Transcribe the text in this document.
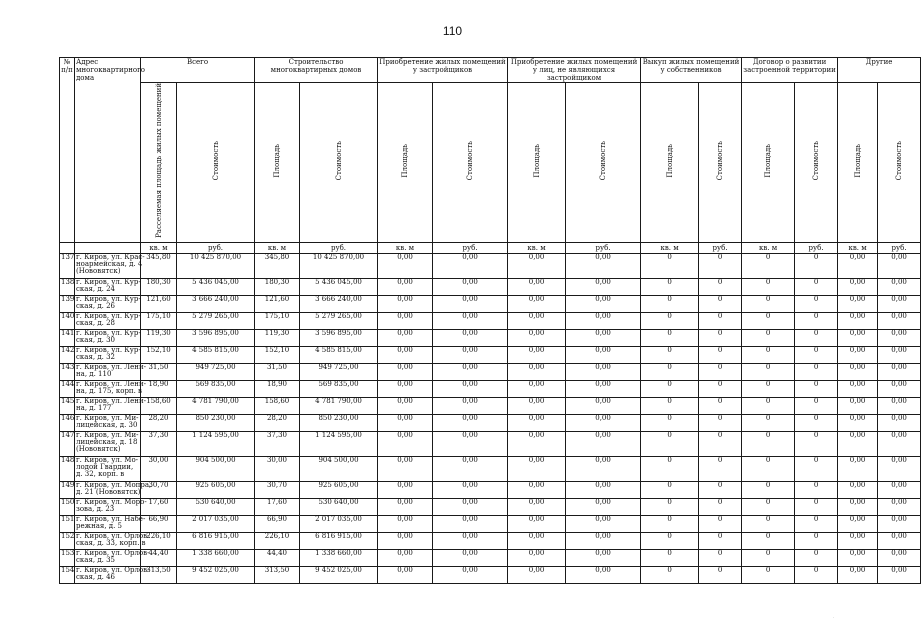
110
№ п/п	Адрес многоквартирного дома	Всего		Строительство многоквартирных домов		Приобретение жилых помещений у застройщиков		Приобретение жилых помещений у лиц, не являющихся застройщиком		Выкуп жилых помещений у собственников		Договор о развитии застроенной территории		Другие	
		Расселяемая площадь жилых помещений	Стоимость	Площадь	Стоимость	Площадь	Стоимость	Площадь	Стоимость	Площадь	Стоимость	Площадь	Стоимость	Площадь	Стоимость
		кв. м	руб.	кв. м	руб.	кв. м	руб.	кв. м	руб.	кв. м	руб.	кв. м	руб.	кв. м	руб.
137	г. Киров, ул. Крас-
ноармейская, д. 4
(Нововятск)	345,80	10 425 870,00	345,80	10 425 870,00	0,00	0,00	0,00	0,00	0	0	0	0	0,00	0,00
138	г. Киров, ул. Кур-
ская, д. 24	180,30	5 436 045,00	180,30	5 436 045,00	0,00	0,00	0,00	0,00	0	0	0	0	0,00	0,00
139	г. Киров, ул. Кур-
ская, д. 26	121,60	3 666 240,00	121,60	3 666 240,00	0,00	0,00	0,00	0,00	0	0	0	0	0,00	0,00
140	г. Киров, ул. Кур-
ская, д. 28	175,10	5 279 265,00	175,10	5 279 265,00	0,00	0,00	0,00	0,00	0	0	0	0	0,00	0,00
141	г. Киров, ул. Кур-
ская, д. 30	119,30	3 596 895,00	119,30	3 596 895,00	0,00	0,00	0,00	0,00	0	0	0	0	0,00	0,00
142	г. Киров, ул. Кур-
ская, д. 32	152,10	4 585 815,00	152,10	4 585 815,00	0,00	0,00	0,00	0,00	0	0	0	0	0,00	0,00
143	г. Киров, ул. Лени-
на, д. 110	31,50	949 725,00	31,50	949 725,00	0,00	0,00	0,00	0,00	0	0	0	0	0,00	0,00
144	г. Киров, ул. Лени-
на, д. 175, корп. в	18,90	569 835,00	18,90	569 835,00	0,00	0,00	0,00	0,00	0	0	0	0	0,00	0,00
145	г. Киров, ул. Лени-
на, д. 177	158,60	4 781 790,00	158,60	4 781 790,00	0,00	0,00	0,00	0,00	0	0	0	0	0,00	0,00
146	г. Киров, ул. Ми-
лицейская, д. 30	28,20	850 230,00	28,20	850 230,00	0,00	0,00	0,00	0,00	0	0	0	0	0,00	0,00
147	г. Киров, ул. Ми-
лицейская, д. 18
(Нововятск)	37,30	1 124 595,00	37,30	1 124 595,00	0,00	0,00	0,00	0,00	0	0	0	0	0,00	0,00
148	г. Киров, ул. Мо-
лодой Гвардии,
д. 32, корп. в	30,00	904 500,00	30,00	904 500,00	0,00	0,00	0,00	0,00	0	0	0	0	0,00	0,00
149	г. Киров, ул. Мопра,
д. 21 (Нововятск)	30,70	925 605,00	30,70	925 605,00	0,00	0,00	0,00	0,00	0	0	0	0	0,00	0,00
150	г. Киров, ул. Моро-
зова, д. 23	17,60	530 640,00	17,60	530 640,00	0,00	0,00	0,00	0,00	0	0	0	0	0,00	0,00
151	г. Киров, ул. Набе-
режная, д. 5	66,90	2 017 035,00	66,90	2 017 035,00	0,00	0,00	0,00	0,00	0	0	0	0	0,00	0,00
152	г. Киров, ул. Орлов-
ская, д. 33, корп. в	226,10	6 816 915,00	226,10	6 816 915,00	0,00	0,00	0,00	0,00	0	0	0	0	0,00	0,00
153	г. Киров, ул. Орлов-
ская, д. 35	44,40	1 338 660,00	44,40	1 338 660,00	0,00	0,00	0,00	0,00	0	0	0	0	0,00	0,00
154	г. Киров, ул. Орлов-
ская, д. 46	313,50	9 452 025,00	313,50	9 452 025,00	0,00	0,00	0,00	0,00	0	0	0	0	0,00	0,00
·
